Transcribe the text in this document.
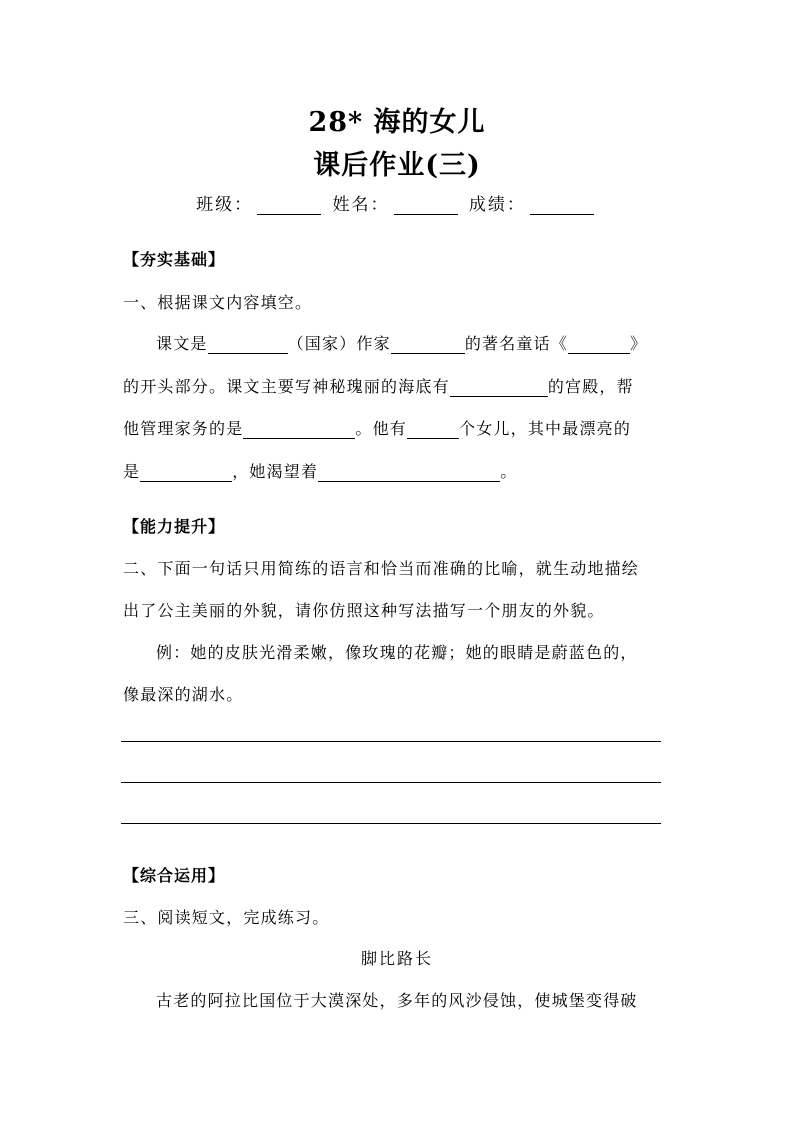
28* 海的女儿
课后作业(三)
班级：	姓名：	成绩：
【夯实基础】
一、根据课文内容填空。
课文是	（国家）作家	的著名童话《	》
的开头部分。课文主要写神秘瑰丽的海底有	的宫殿，帮
他管理家务的是	。他有	个女儿，其中最漂亮的
是	，她渴望着	。
【能力提升】
二、下面一句话只用简练的语言和恰当而准确的比喻，就生动地描绘
出了公主美丽的外貌，请你仿照这种写法描写一个朋友的外貌。
例：她的皮肤光滑柔嫩，像玫瑰的花瓣；她的眼睛是蔚蓝色的，
像最深的湖水。
【综合运用】
三、阅读短文，完成练习。
脚比路长
古老的阿拉比国位于大漠深处，多年的风沙侵蚀，使城堡变得破
